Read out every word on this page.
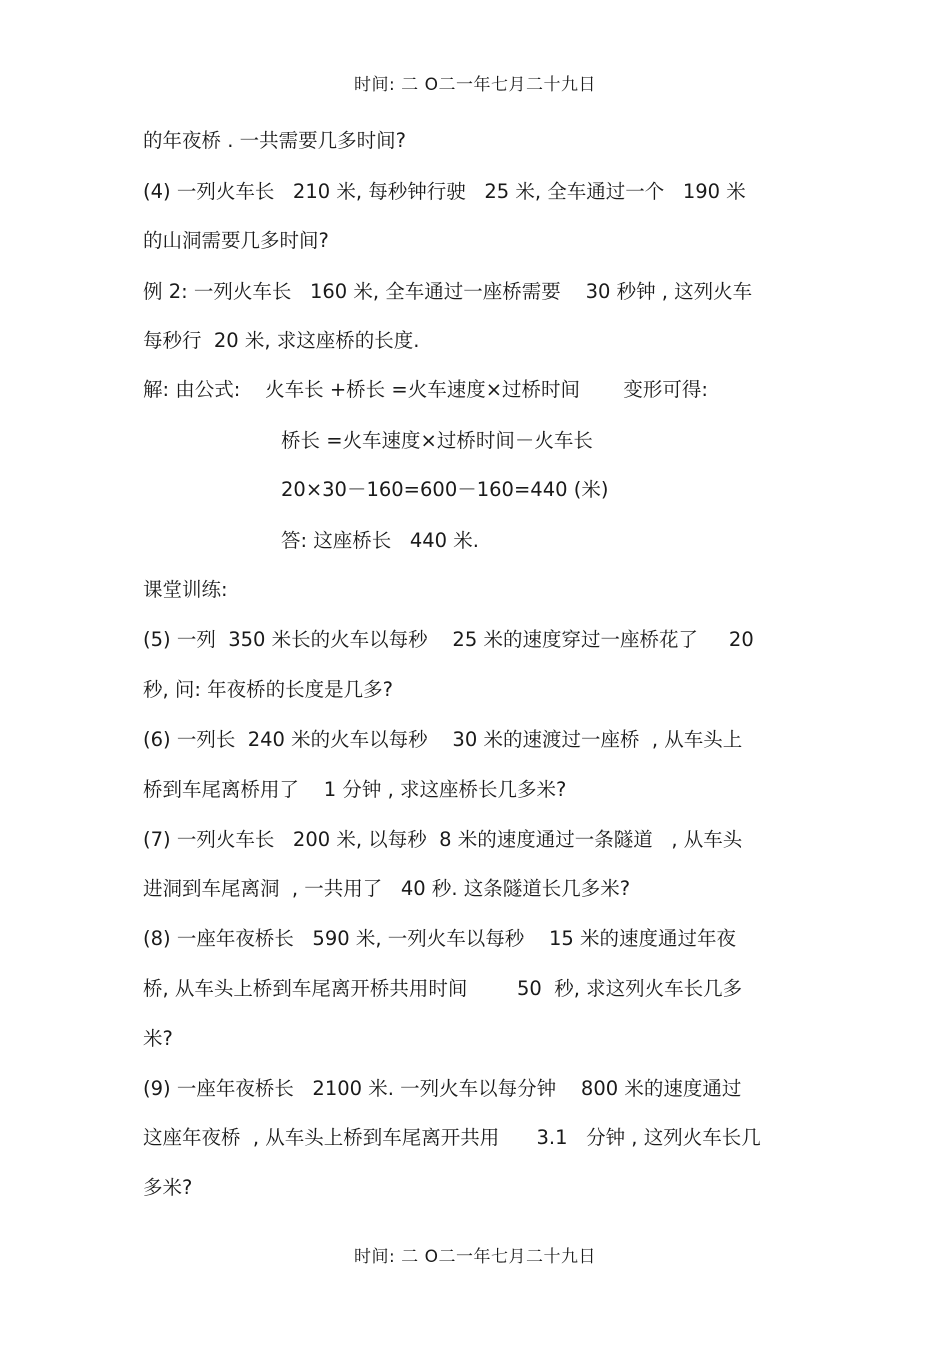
时间: 二 O二一年七月二十九日
的年夜桥 . 一共需要几多时间?
(4) 一列火车长   210 米, 每秒钟行驶   25 米, 全车通过一个   190 米
的山洞需要几多时间?
例 2: 一列火车长   160 米, 全车通过一座桥需要    30 秒钟 , 这列火车
每秒行  20 米, 求这座桥的长度.
解: 由公式:    火车长 +桥长 =火车速度×过桥时间       变形可得:
桥长 =火车速度×过桥时间－火车长
20×30－160=600－160=440 (米)
答: 这座桥长   440 米.
课堂训练:
(5) 一列  350 米长的火车以每秒    25 米的速度穿过一座桥花了     20
秒, 问: 年夜桥的长度是几多?
(6) 一列长  240 米的火车以每秒    30 米的速渡过一座桥  , 从车头上
桥到车尾离桥用了    1 分钟 , 求这座桥长几多米?
(7) 一列火车长   200 米, 以每秒  8 米的速度通过一条隧道   , 从车头
进洞到车尾离洞  , 一共用了   40 秒. 这条隧道长几多米?
(8) 一座年夜桥长   590 米, 一列火车以每秒    15 米的速度通过年夜
桥, 从车头上桥到车尾离开桥共用时间        50  秒, 求这列火车长几多
米?
(9) 一座年夜桥长   2100 米. 一列火车以每分钟    800 米的速度通过
这座年夜桥  , 从车头上桥到车尾离开共用      3.1   分钟 , 这列火车长几
多米?
时间: 二 O二一年七月二十九日
